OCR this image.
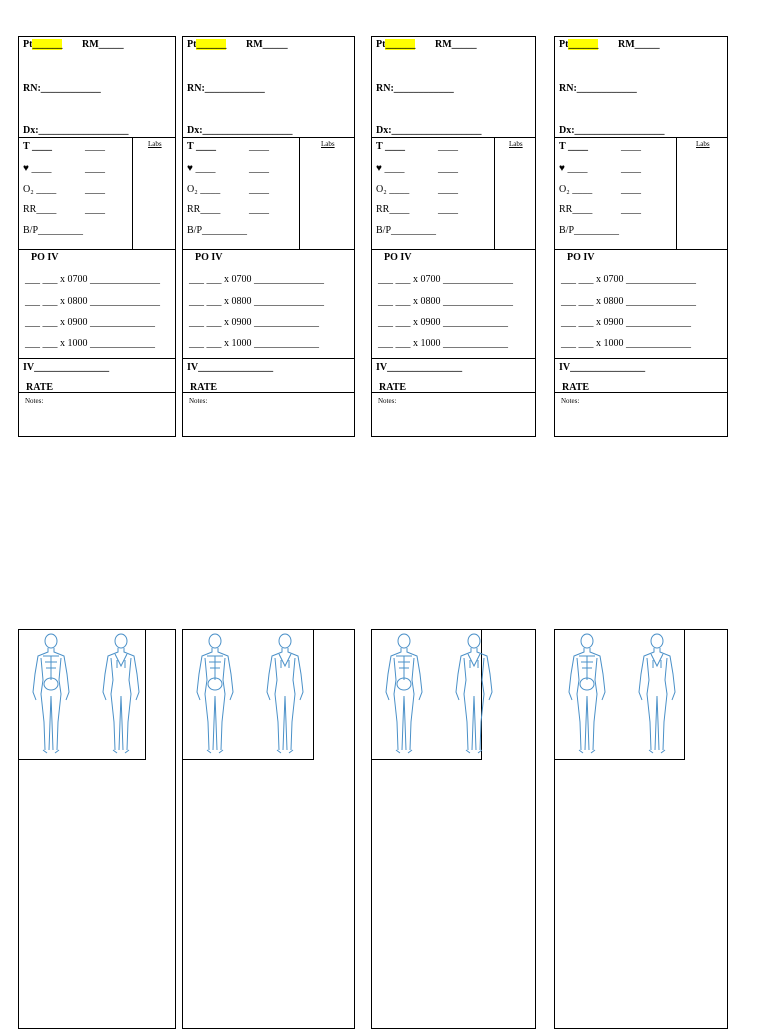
Pt______ RM_____
RN:____________
Dx:__________________
T ____	____
♥ ____	____
O₂ ____	____
RR____	____
B/P_________
Labs
PO IV
___ ___ x 0700 ______________
___ ___ x 0800 ______________
___ ___ x 0900 _____________
___ ___ x 1000 _____________
IV_______________
RATE
Notes:
Pt______ RM_____
RN:____________
Dx:__________________
T ____	____
♥ ____	____
O₂ ____	____
RR____	____
B/P_________
Labs
PO IV
___ ___ x 0700 ______________
___ ___ x 0800 ______________
___ ___ x 0900 _____________
___ ___ x 1000 _____________
IV_______________
RATE
Notes:
Pt______ RM_____
RN:____________
Dx:__________________
T ____	____
♥ ____	____
O₂ ____	____
RR____	____
B/P_________
Labs
PO IV
___ ___ x 0700 ______________
___ ___ x 0800 ______________
___ ___ x 0900 _____________
___ ___ x 1000 _____________
IV_______________
RATE
Notes:
Pt______ RM_____
RN:____________
Dx:__________________
T ____	____
♥ ____	____
O₂ ____	____
RR____	____
B/P_________
Labs
PO IV
___ ___ x 0700 ______________
___ ___ x 0800 ______________
___ ___ x 0900 _____________
___ ___ x 1000 _____________
IV_______________
RATE
Notes:
